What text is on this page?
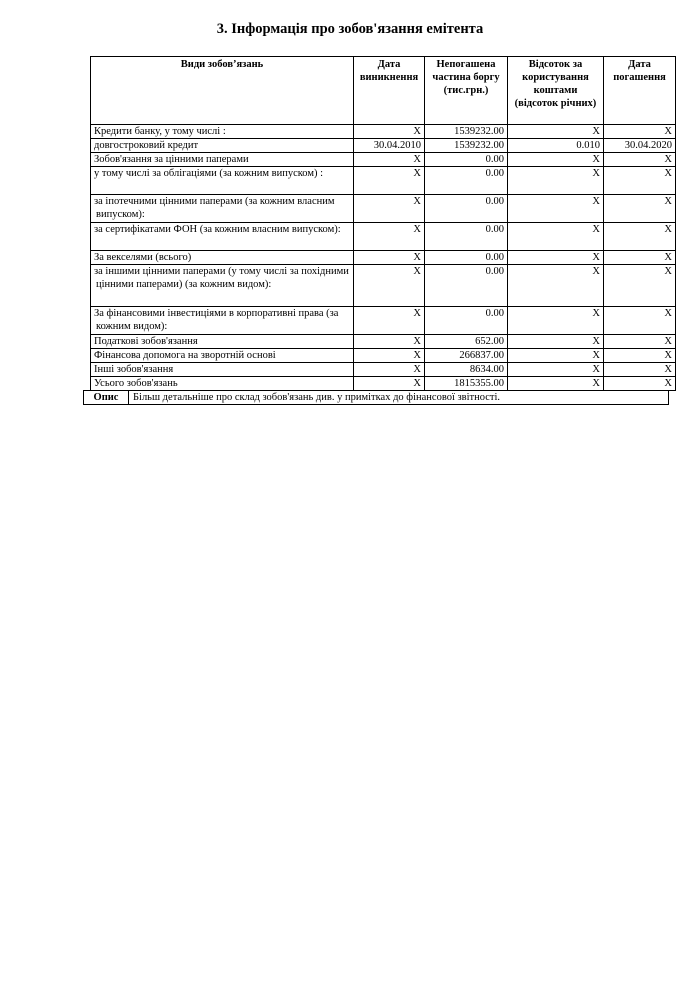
3. Інформація про зобов'язання емітента
Види зобов’язань	Дата виникнення	Непогашена частина боргу (тис.грн.)	Відсоток за користування коштами (відсоток річних)	Дата погашення

Кредити банку, у тому числі :	X	1539232.00	X	X

довгостроковий кредит	30.04.2010	1539232.00	0.010	30.04.2020

Зобов'язання за цінними паперами	X	0.00	X	X

у тому числі за облігаціями (за кожним випуском) :	X	0.00	X	X

за іпотечними цінними паперами (за кожним власним випуском):	X	0.00	X	X

за сертифікатами ФОН (за кожним власним випуском):	X	0.00	X	X

За векселями (всього)	X	0.00	X	X

за іншими цінними паперами (у тому числі за похідними цінними паперами) (за кожним видом):	X	0.00	X	X

За фінансовими інвестиціями в корпоративні права (за кожним видом):	X	0.00	X	X

Податкові зобов'язання	X	652.00	X	X

Фінансова допомога на зворотній основі	X	266837.00	X	X

Інші зобов'язання	X	8634.00	X	X

Усього зобов'язань	X	1815355.00	X	X
Опис	Більш детальніше про склад зобов'язань див. у примітках до фінансової звітності.
